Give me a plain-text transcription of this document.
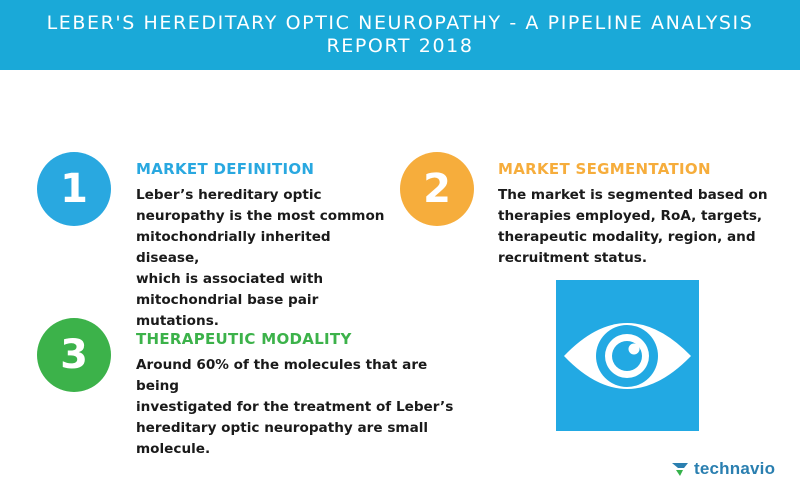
LEBER'S HEREDITARY OPTIC NEUROPATHY - A PIPELINE ANALYSIS
REPORT 2018
1	MARKET DEFINITION
Leber’s hereditary optic
neuropathy is the most common
mitochondrially inherited disease,
which is associated with
mitochondrial base pair
mutations.
2	MARKET SEGMENTATION
The market is segmented based on
therapies employed, RoA, targets,
therapeutic modality, region, and
recruitment status.
3	THERAPEUTIC MODALITY
Around 60% of the molecules that are being
investigated for the treatment of Leber’s
hereditary optic neuropathy are small
molecule.
technavio
